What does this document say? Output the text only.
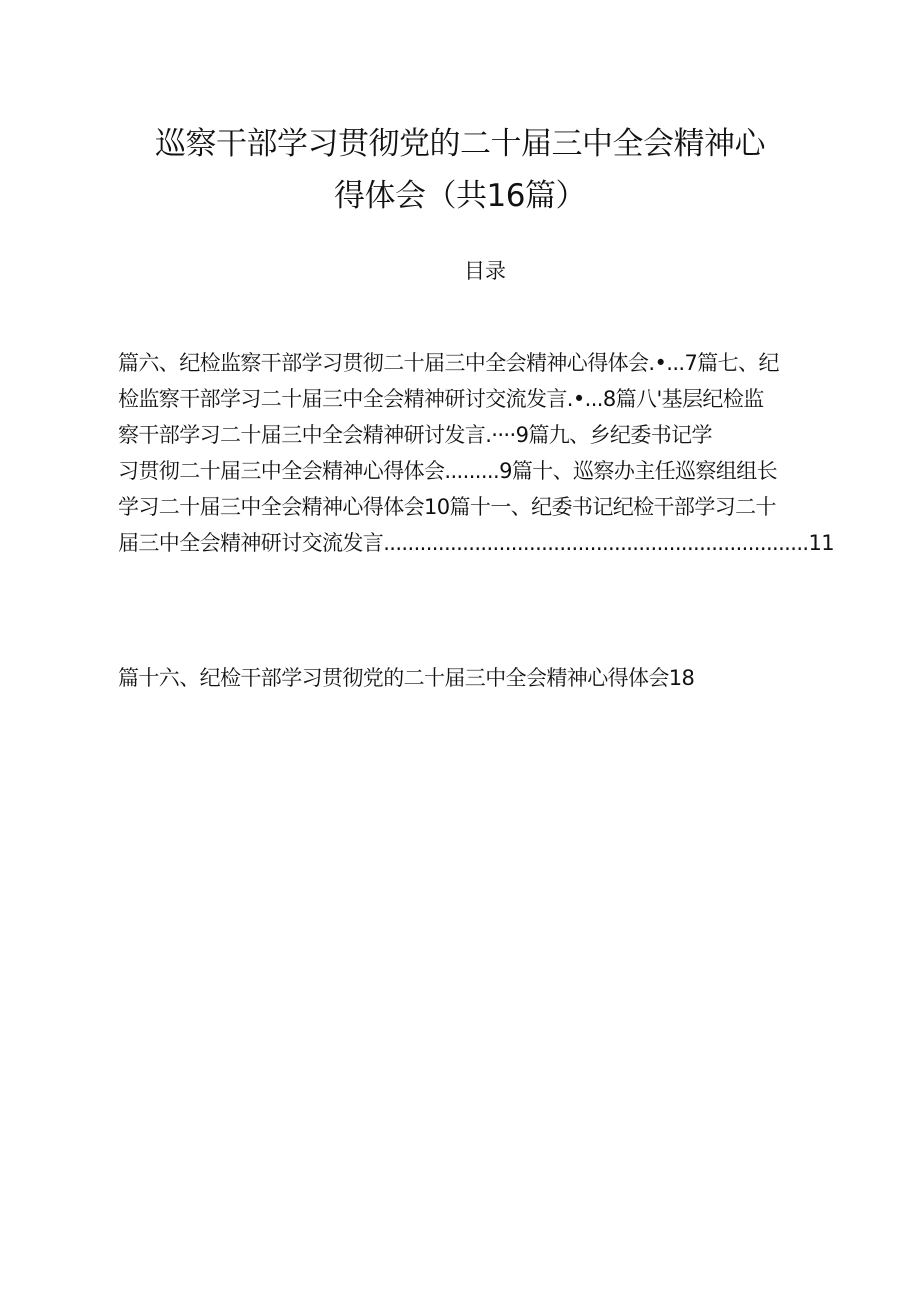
巡察干部学习贯彻党的二十届三中全会精神心
得体会（共16篇）
目录
篇六、纪检监察干部学习贯彻二十届三中全会精神心得体会.•...7篇七、纪
检监察干部学习二十届三中全会精神研讨交流发言.•...8篇八'基层纪检监
察干部学习二十届三中全会精神研讨发言.····9篇九、乡纪委书记学
习贯彻二十届三中全会精神心得体会.........9篇十、巡察办主任巡察组组长
学习二十届三中全会精神心得体会10篇十一、纪委书记纪检干部学习二十
届三中全会精神研讨交流发言......................................................................11
篇十六、纪检干部学习贯彻党的二十届三中全会精神心得体会18
